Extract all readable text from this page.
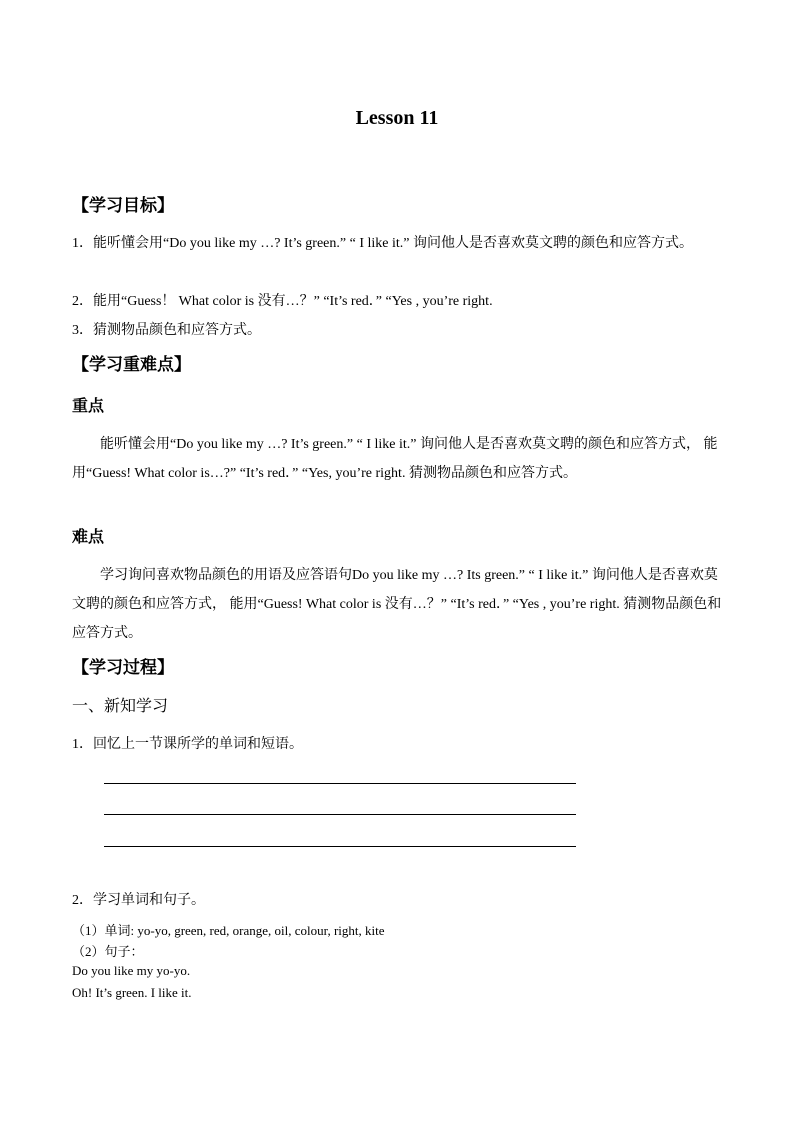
Lesson 11
【学习目标】
1．能听懂会用“Do you like my …? It’s green.” “ I like it.” 询问他人是否喜欢莫文聘的颜色和应答方式。
2．能用“Guess！ What color is 没有…？” “It’s red．” “Yes , you’re right.
3．猜测物品颜色和应答方式。
【学习重难点】
重点
能听懂会用“Do you like my …? It’s green.” “ I like it.” 询问他人是否喜欢莫文聘的颜色和应答方式， 能用“Guess! What color is…?” “It’s red．” “Yes, you’re right. 猜测物品颜色和应答方式。
难点
学习询问喜欢物品颜色的用语及应答语句Do you like my …? Its green.” “ I like it.” 询问他人是否喜欢莫文聘的颜色和应答方式， 能用“Guess! What color is 没有…？” “It’s red．” “Yes , you’re right. 猜测物品颜色和应答方式。
【学习过程】
一、新知学习
1．回忆上一节课所学的单词和短语。
2．学习单词和句子。
（1）单词: yo-yo, green, red, orange, oil, colour, right, kite
（2）句子：
Do you like my yo-yo.
Oh! It’s green. I like it.
